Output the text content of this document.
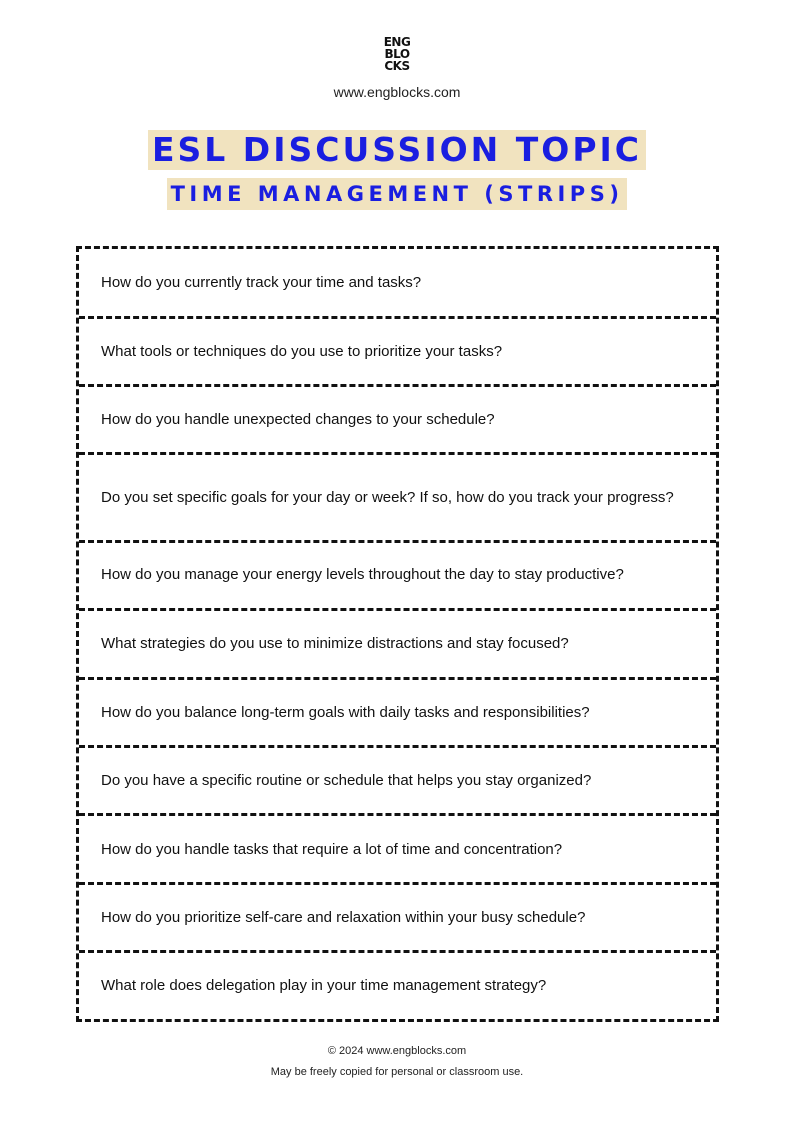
ENG
BLO
CKS
www.engblocks.com
ESL DISCUSSION TOPIC
TIME MANAGEMENT (STRIPS)
How do you currently track your time and tasks?
What tools or techniques do you use to prioritize your tasks?
How do you handle unexpected changes to your schedule?
Do you set specific goals for your day or week? If so, how do you track your progress?
How do you manage your energy levels throughout the day to stay productive?
What strategies do you use to minimize distractions and stay focused?
How do you balance long-term goals with daily tasks and responsibilities?
Do you have a specific routine or schedule that helps you stay organized?
How do you handle tasks that require a lot of time and concentration?
How do you prioritize self-care and relaxation within your busy schedule?
What role does delegation play in your time management strategy?
© 2024 www.engblocks.com
May be freely copied for personal or classroom use.
